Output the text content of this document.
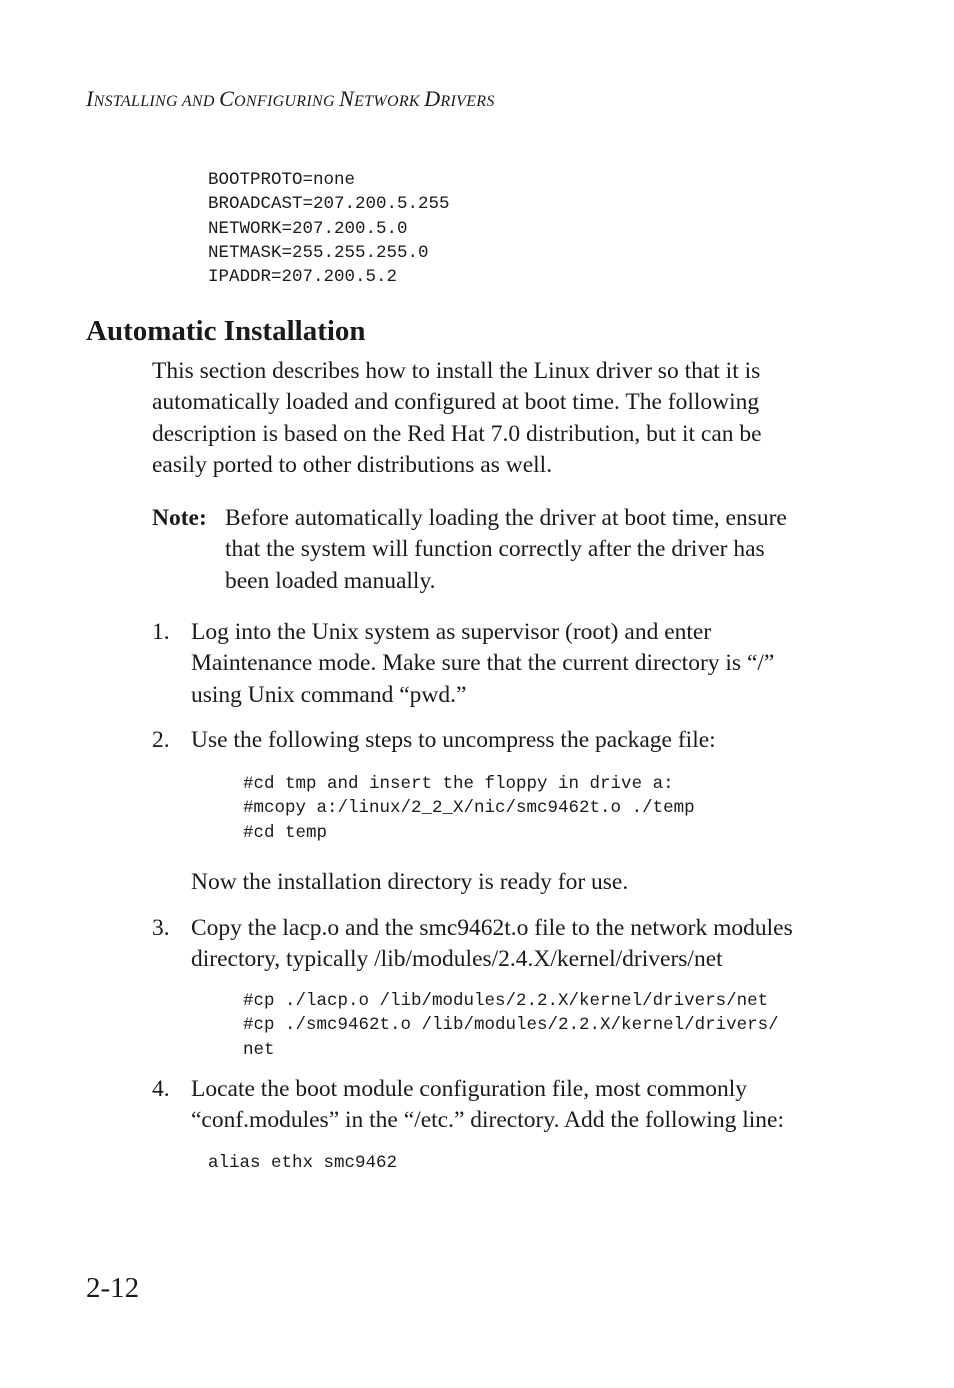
INSTALLING AND CONFIGURING NETWORK DRIVERS
BOOTPROTO=none
BROADCAST=207.200.5.255
NETWORK=207.200.5.0
NETMASK=255.255.255.0
IPADDR=207.200.5.2
Automatic Installation
This section describes how to install the Linux driver so that it is
automatically loaded and configured at boot time. The following
description is based on the Red Hat 7.0 distribution, but it can be
easily ported to other distributions as well.
Note: Before automatically loading the driver at boot time, ensure
that the system will function correctly after the driver has
been loaded manually.
1. Log into the Unix system as supervisor (root) and enter
Maintenance mode. Make sure that the current directory is “/”
using Unix command “pwd.”
2. Use the following steps to uncompress the package file:
#cd tmp and insert the floppy in drive a:
#mcopy a:/linux/2_2_X/nic/smc9462t.o ./temp
#cd temp
Now the installation directory is ready for use.
3. Copy the lacp.o and the smc9462t.o file to the network modules
directory, typically /lib/modules/2.4.X/kernel/drivers/net
#cp ./lacp.o /lib/modules/2.2.X/kernel/drivers/net
#cp ./smc9462t.o /lib/modules/2.2.X/kernel/drivers/
net
4. Locate the boot module configuration file, most commonly
“conf.modules” in the “/etc.” directory. Add the following line:
alias ethx smc9462
2-12
